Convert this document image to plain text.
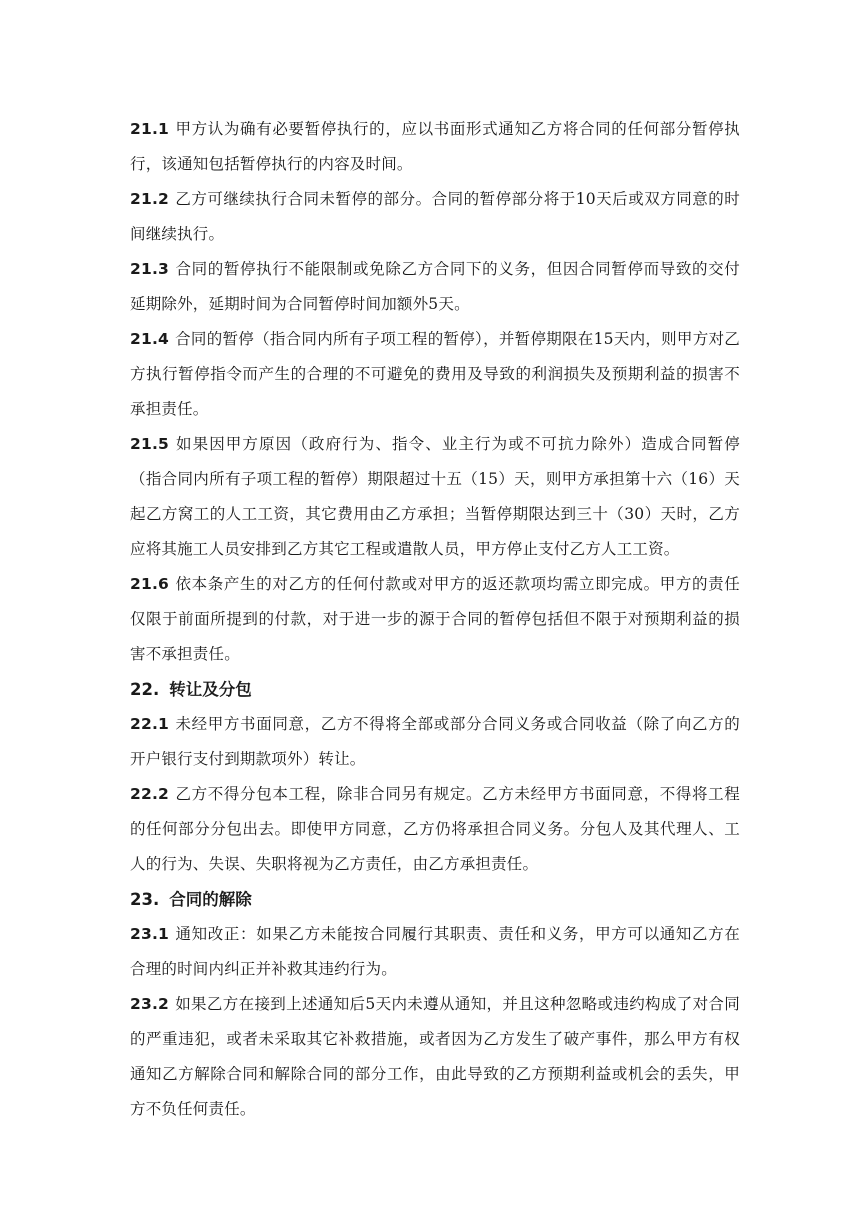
21.1 甲方认为确有必要暂停执行的，应以书面形式通知乙方将合同的任何部分暂停执行，该通知包括暂停执行的内容及时间。

21.2 乙方可继续执行合同未暂停的部分。合同的暂停部分将于10天后或双方同意的时间继续执行。

21.3 合同的暂停执行不能限制或免除乙方合同下的义务，但因合同暂停而导致的交付延期除外，延期时间为合同暂停时间加额外5天。

21.4 合同的暂停（指合同内所有子项工程的暂停），并暂停期限在15天内，则甲方对乙方执行暂停指令而产生的合理的不可避免的费用及导致的利润损失及预期利益的损害不承担责任。

21.5 如果因甲方原因（政府行为、指令、业主行为或不可抗力除外）造成合同暂停（指合同内所有子项工程的暂停）期限超过十五（15）天，则甲方承担第十六（16）天起乙方窝工的人工工资，其它费用由乙方承担；当暂停期限达到三十（30）天时，乙方应将其施工人员安排到乙方其它工程或遣散人员，甲方停止支付乙方人工工资。

21.6 依本条产生的对乙方的任何付款或对甲方的返还款项均需立即完成。甲方的责任仅限于前面所提到的付款，对于进一步的源于合同的暂停包括但不限于对预期利益的损害不承担责任。

22. 转让及分包

22.1 未经甲方书面同意，乙方不得将全部或部分合同义务或合同收益（除了向乙方的开户银行支付到期款项外）转让。

22.2 乙方不得分包本工程，除非合同另有规定。乙方未经甲方书面同意，不得将工程的任何部分分包出去。即使甲方同意，乙方仍将承担合同义务。分包人及其代理人、工人的行为、失误、失职将视为乙方责任，由乙方承担责任。

23. 合同的解除

23.1 通知改正：如果乙方未能按合同履行其职责、责任和义务，甲方可以通知乙方在合理的时间内纠正并补救其违约行为。

23.2 如果乙方在接到上述通知后5天内未遵从通知，并且这种忽略或违约构成了对合同的严重违犯，或者未采取其它补救措施，或者因为乙方发生了破产事件，那么甲方有权通知乙方解除合同和解除合同的部分工作，由此导致的乙方预期利益或机会的丢失，甲方不负任何责任。
